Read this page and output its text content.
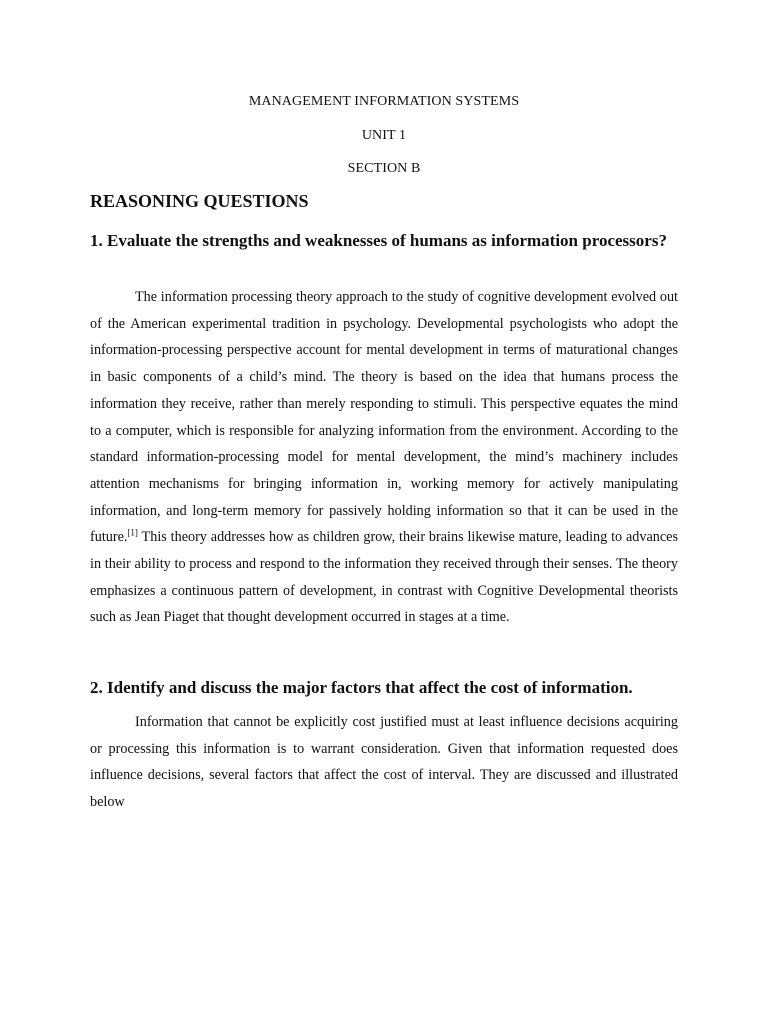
MANAGEMENT INFORMATION SYSTEMS
UNIT 1
SECTION B
REASONING QUESTIONS
1. Evaluate the strengths and weaknesses of humans as information processors?
The information processing theory approach to the study of cognitive development evolved out of the American experimental tradition in psychology. Developmental psychologists who adopt the information-processing perspective account for mental development in terms of maturational changes in basic components of a child’s mind. The theory is based on the idea that humans process the information they receive, rather than merely responding to stimuli. This perspective equates the mind to a computer, which is responsible for analyzing information from the environment. According to the standard information-processing model for mental development, the mind’s machinery includes attention mechanisms for bringing information in, working memory for actively manipulating information, and long-term memory for passively holding information so that it can be used in the future.[1] This theory addresses how as children grow, their brains likewise mature, leading to advances in their ability to process and respond to the information they received through their senses. The theory emphasizes a continuous pattern of development, in contrast with Cognitive Developmental theorists such as Jean Piaget that thought development occurred in stages at a time.
2. Identify and discuss the major factors that affect the cost of information.
Information that cannot be explicitly cost justified must at least influence decisions acquiring or processing this information is to warrant consideration. Given that information requested does influence decisions, several factors that affect the cost of interval. They are discussed and illustrated below
